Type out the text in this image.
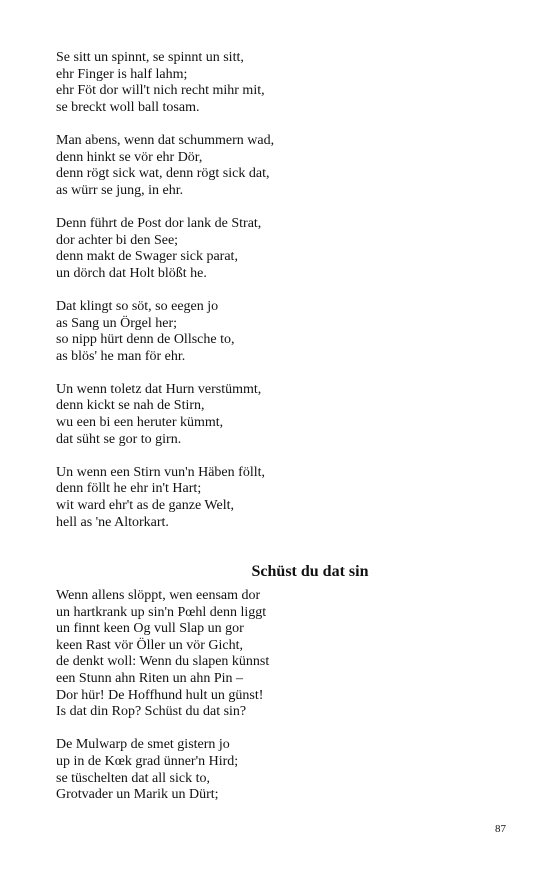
Se sitt un spinnt, se spinnt un sitt,
ehr Finger is half lahm;
ehr Föt dor will't nich recht mihr mit,
se breckt woll ball tosam.
Man abens, wenn dat schummern wad,
denn hinkt se vör ehr Dör,
denn rögt sick wat, denn rögt sick dat,
as würr se jung, in ehr.
Denn führt de Post dor lank de Strat,
dor achter bi den See;
denn makt de Swager sick parat,
un dörch dat Holt blößt he.
Dat klingt so söt, so eegen jo
as Sang un Örgel her;
so nipp hürt denn de Ollsche to,
as blös' he man för ehr.
Un wenn toletz dat Hurn verstümmt,
denn kickt se nah de Stirn,
wu een bi een heruter kümmt,
dat süht se gor to girn.
Un wenn een Stirn vun'n Häben föllt,
denn föllt he ehr in't Hart;
wit ward ehr't as de ganze Welt,
hell as 'ne Altorkart.
Schüst du dat sin
Wenn allens slöppt, wen eensam dor
un hartkrank up sin'n Pœhl denn liggt
un finnt keen Og vull Slap un gor
keen Rast vör Öller un vör Gicht,
de denkt woll: Wenn du slapen künnst
een Stunn ahn Riten un ahn Pin –
Dor hür! De Hoffhund hult un günst!
Is dat din Rop? Schüst du dat sin?
De Mulwarp de smet gistern jo
up in de Kœk grad ünner'n Hird;
se tüschelten dat all sick to,
Grotvader un Marik un Dürt;
87
